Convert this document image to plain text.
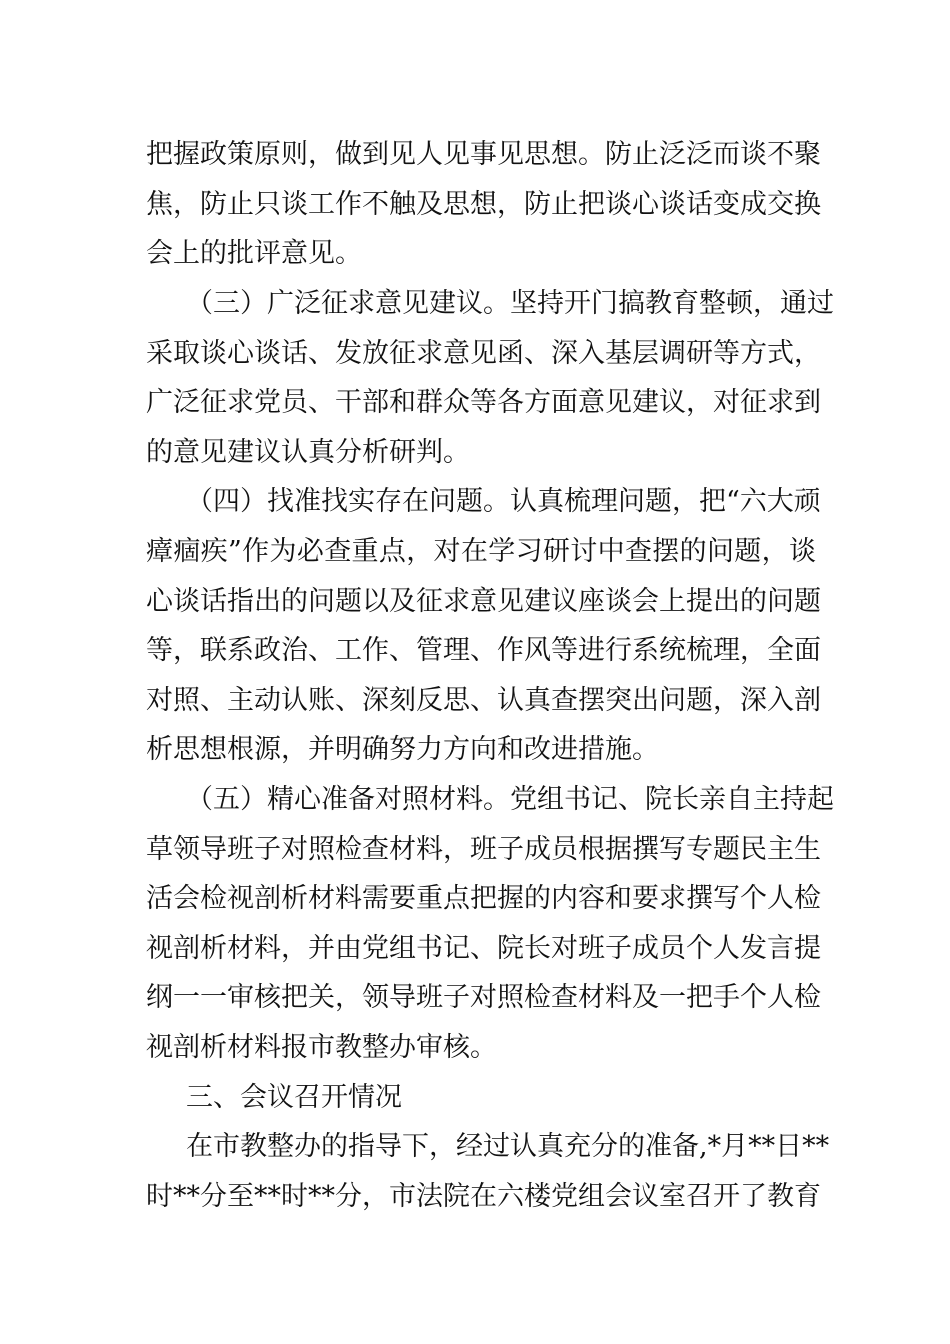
把握政策原则，做到见人见事见思想。防止泛泛而谈不聚
焦，防止只谈工作不触及思想，防止把谈心谈话变成交换
会上的批评意见。
（三）广泛征求意见建议。坚持开门搞教育整顿，通过
采取谈心谈话、发放征求意见函、深入基层调研等方式，
广泛征求党员、干部和群众等各方面意见建议，对征求到
的意见建议认真分析研判。
（四）找准找实存在问题。认真梳理问题，把“六大顽
瘴痼疾”作为必查重点，对在学习研讨中查摆的问题，谈
心谈话指出的问题以及征求意见建议座谈会上提出的问题
等，联系政治、工作、管理、作风等进行系统梳理，全面
对照、主动认账、深刻反思、认真查摆突出问题，深入剖
析思想根源，并明确努力方向和改进措施。
（五）精心准备对照材料。党组书记、院长亲自主持起
草领导班子对照检查材料，班子成员根据撰写专题民主生
活会检视剖析材料需要重点把握的内容和要求撰写个人检
视剖析材料，并由党组书记、院长对班子成员个人发言提
纲一一审核把关，领导班子对照检查材料及一把手个人检
视剖析材料报市教整办审核。
三、会议召开情况
在市教整办的指导下，经过认真充分的准备,*月**日**
时**分至**时**分，市法院在六楼党组会议室召开了教育
